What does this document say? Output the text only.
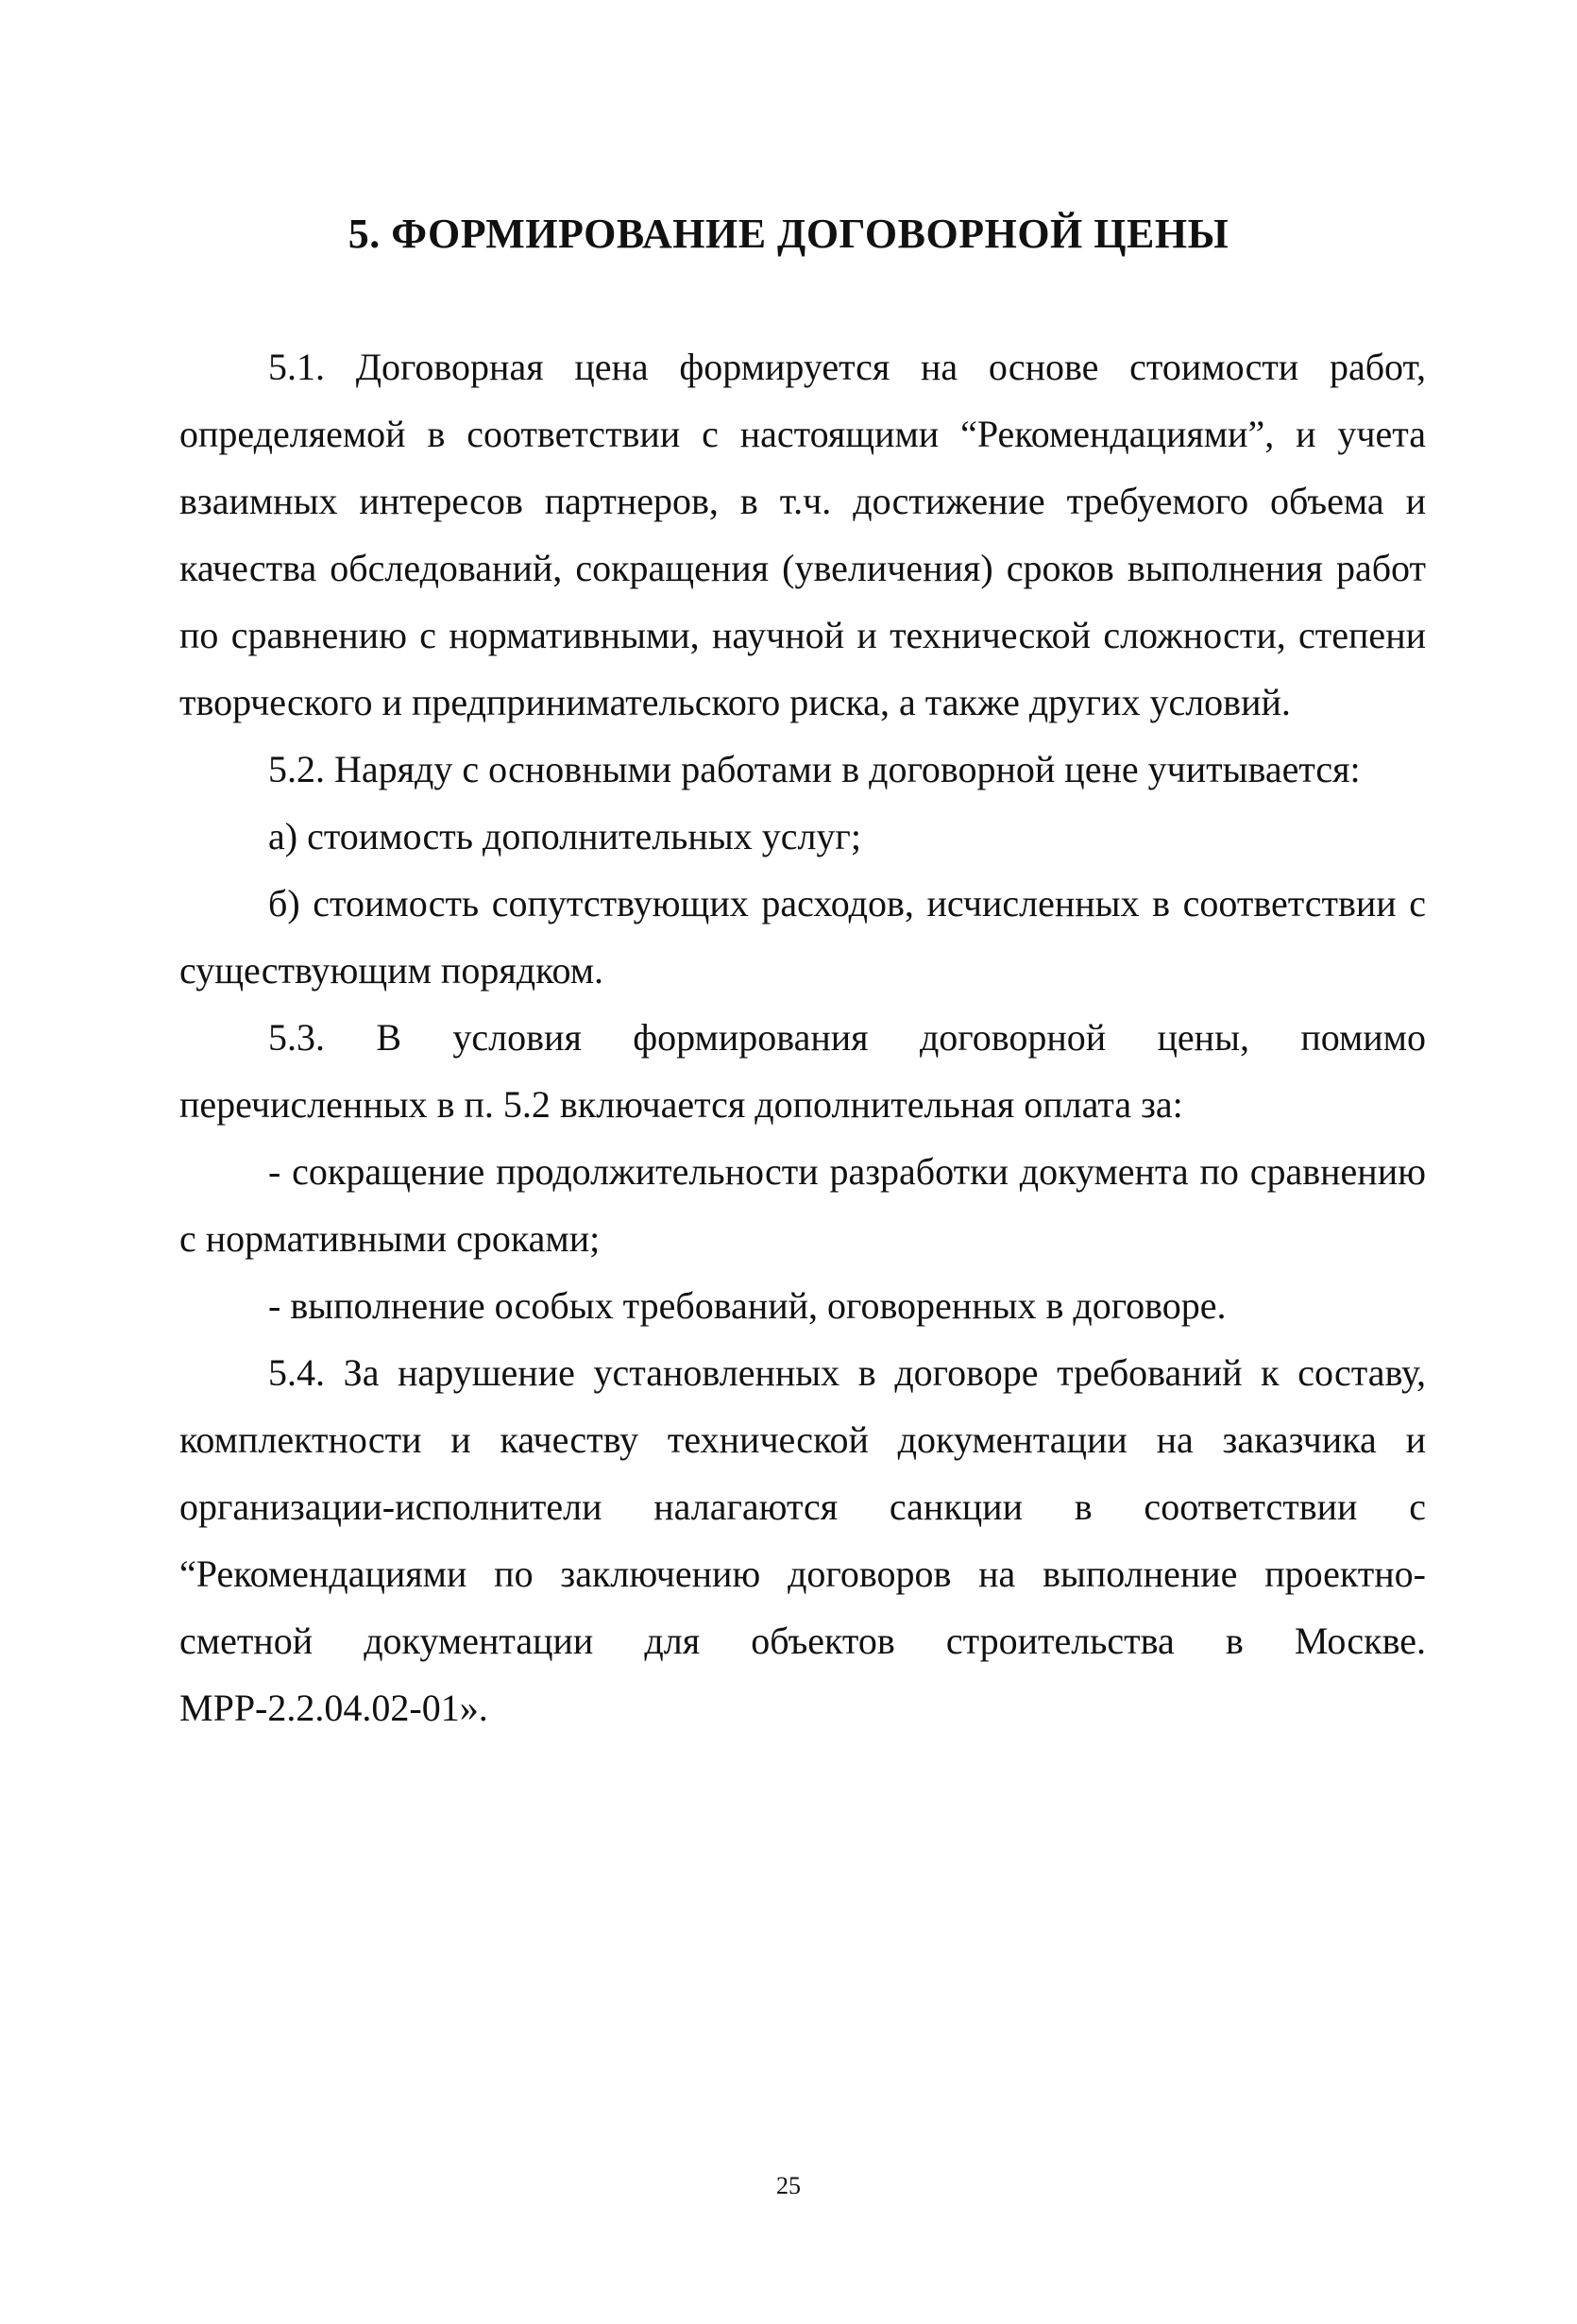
5. ФОРМИРОВАНИЕ ДОГОВОРНОЙ ЦЕНЫ

5.1. Договорная цена формируется на основе стоимости работ, определяемой в соответствии с настоящими “Рекомендациями”, и учета взаимных интересов партнеров, в т.ч. достижение требуемого объема и качества обследований, сокращения (увеличения) сроков выполнения работ по сравнению с нормативными, научной и технической сложности, степени творческого и предпринимательского риска, а также других условий.

5.2. Наряду с основными работами в договорной цене учитывается:

а) стоимость дополнительных услуг;

б) стоимость сопутствующих расходов, исчисленных в соответствии с существующим порядком.

5.3. В условия формирования договорной цены, помимо перечисленных в п. 5.2 включается дополнительная оплата за:

- сокращение продолжительности разработки документа по сравнению с нормативными сроками;

- выполнение особых требований, оговоренных в договоре.

5.4. За нарушение установленных в договоре требований к составу, комплектности и качеству технической документации на заказчика и организации-исполнители налагаются санкции в соответствии с “Рекомендациями по заключению договоров на выполнение проектно-сметной документации для объектов строительства в Москве. МРР-2.2.04.02-01».

25
